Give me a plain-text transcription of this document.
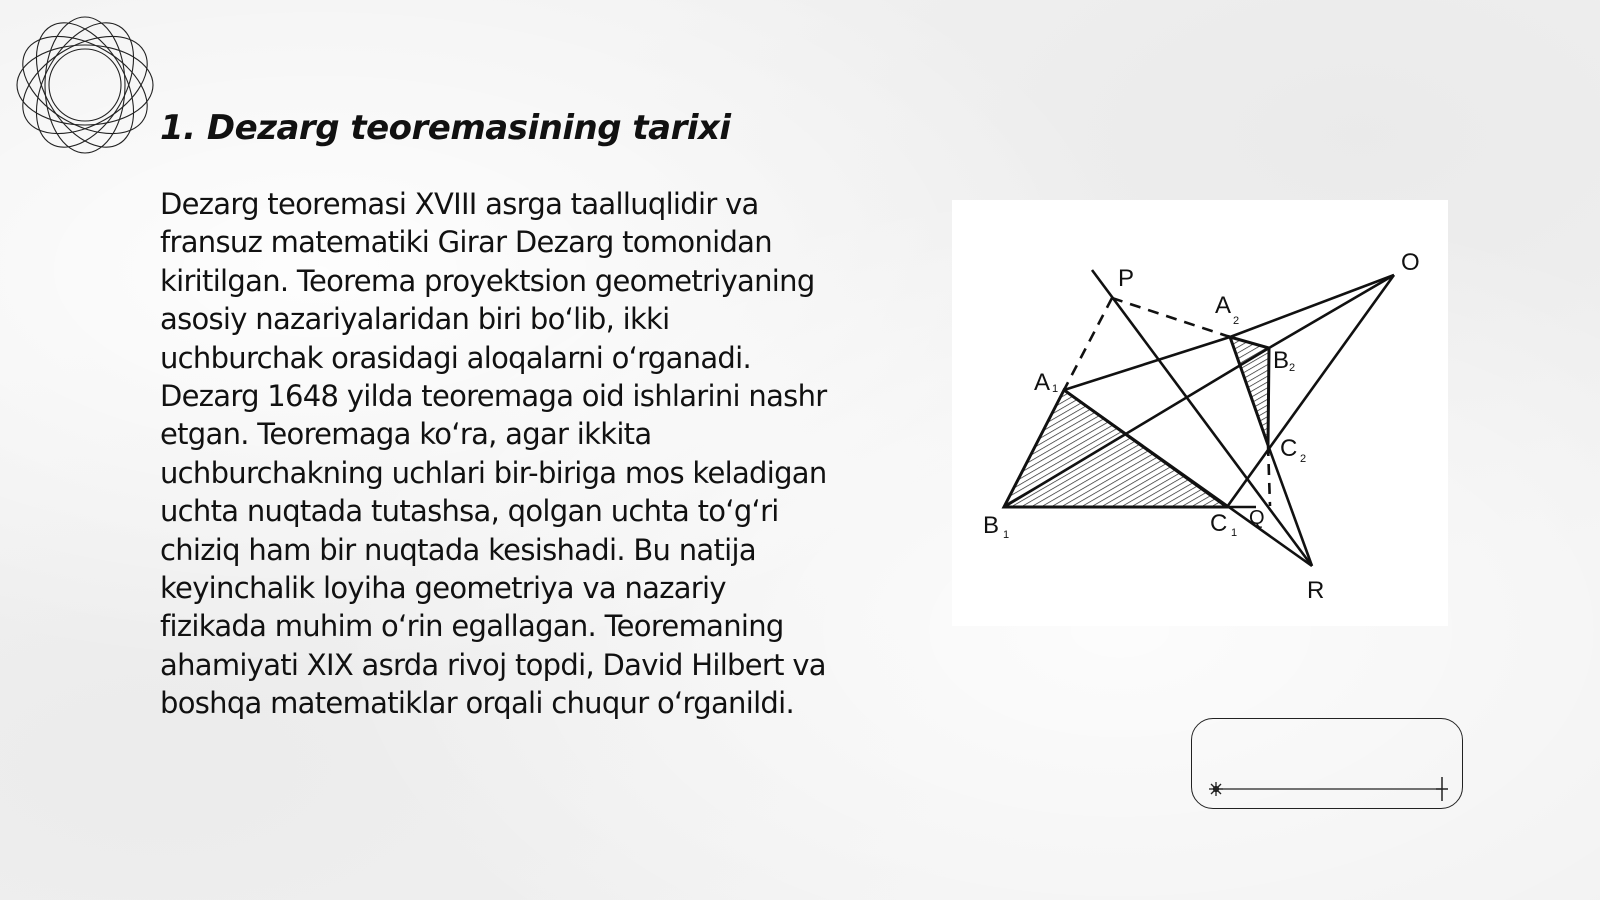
1. Dezarg teoremasining tarixi

Dezarg teoremasi XVIII asrga taalluqlidir va fransuz matematiki Girar Dezarg tomonidan kiritilgan. Teorema proyektsion geometriyaning asosiy nazariyalaridan biri boʻlib, ikki uchburchak orasidagi aloqalarni oʻrganadi. Dezarg 1648 yilda teoremaga oid ishlarini nashr etgan. Teoremaga koʻra, agar ikkita uchburchakning uchlari bir-biriga mos keladigan uchta nuqtada tutashsa, qolgan uchta toʻgʻri chiziq ham bir nuqtada kesishadi. Bu natija keyinchalik loyiha geometriya va nazariy fizikada muhim oʻrin egallagan. Teoremaning ahamiyati XIX asrda rivoj topdi, David Hilbert va boshqa matematiklar orqali chuqur oʻrganildi.

P
O
A 1
A
2
B 2
C 2
B 1	C 1
Q
R
